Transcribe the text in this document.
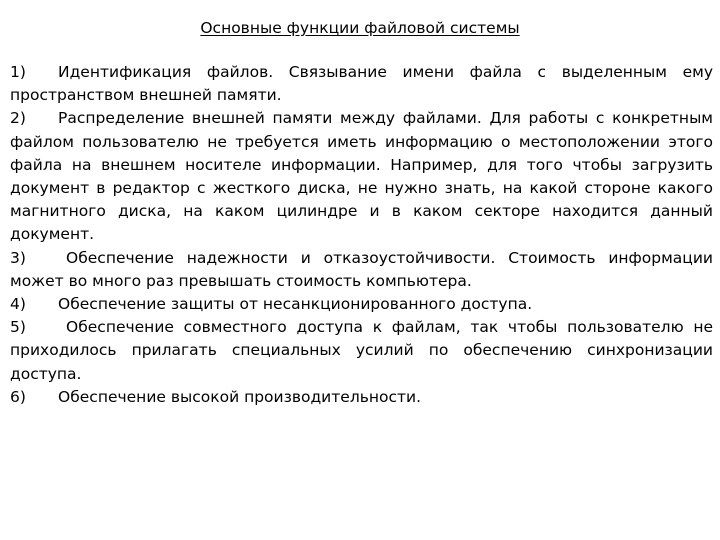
Основные функции файловой системы
1) Идентификация файлов. Связывание имени файла с выделенным ему пространством внешней памяти.
2) Распределение внешней памяти между файлами. Для работы с конкретным файлом пользователю не требуется иметь информацию о местоположении этого файла на внешнем носителе информации. Например, для того чтобы загрузить документ в редактор с жесткого диска, не нужно знать, на какой стороне какого магнитного диска, на каком цилиндре и в каком секторе находится данный документ.
3)	Обеспечение надежности и отказоустойчивости. Стоимость информации может во много раз превышать стоимость компьютера.
4) Обеспечение защиты от несанкционированного доступа.
5)	Обеспечение совместного доступа к файлам, так чтобы пользователю не приходилось прилагать специальных усилий по обеспечению синхронизации доступа.
6) Обеспечение высокой производительности.
